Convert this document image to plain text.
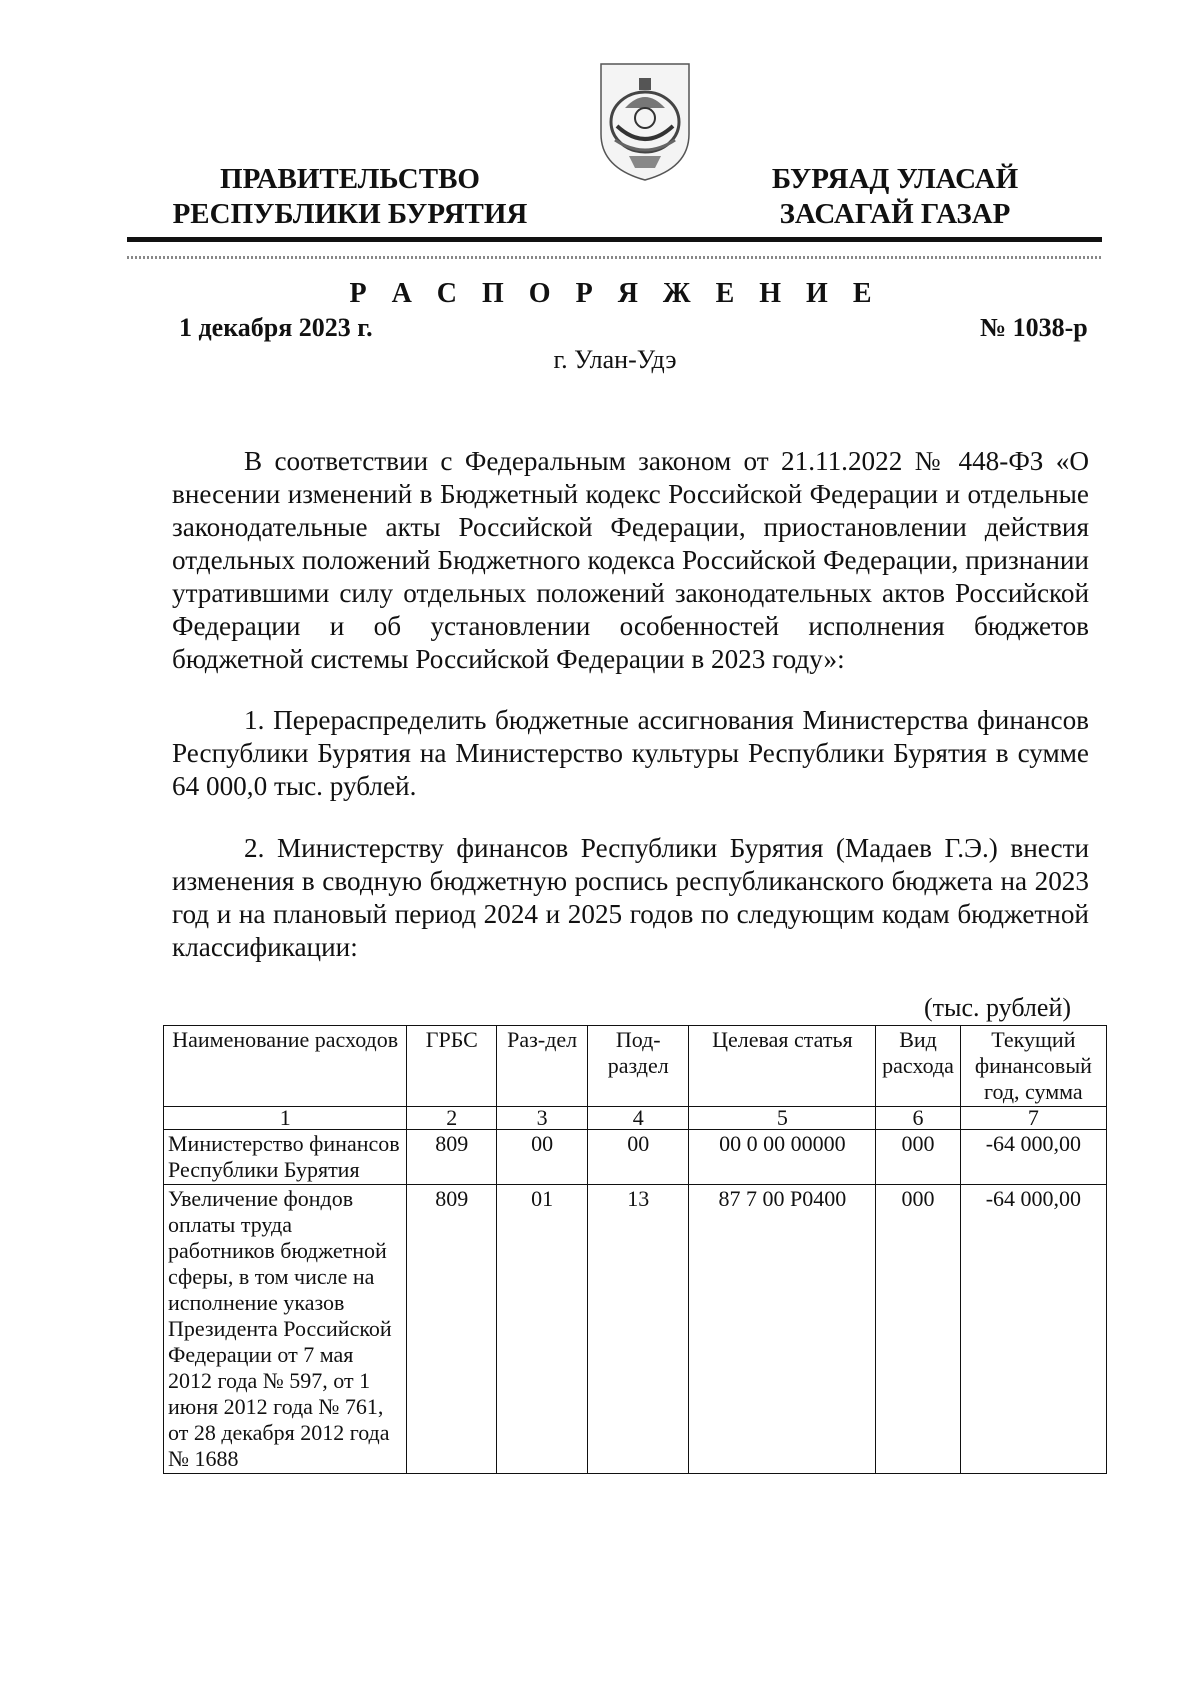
ПРАВИТЕЛЬСТВО
РЕСПУБЛИКИ БУРЯТИЯ
БУРЯАД УЛАСАЙ
ЗАСАГАЙ ГАЗАР
Р А С П О Р Я Ж Е Н И Е
1 декабря 2023 г.	№ 1038-р
г. Улан-Удэ

В соответствии с Федеральным законом от 21.11.2022 № 448-ФЗ «О внесении изменений в Бюджетный кодекс Российской Федерации и отдельные законодательные акты Российской Федерации, приостановлении действия отдельных положений Бюджетного кодекса Российской Федерации, признании утратившими силу отдельных положений законодательных актов Российской Федерации и об установлении особенностей исполнения бюджетов бюджетной системы Российской Федерации в 2023 году»:

1. Перераспределить бюджетные ассигнования Министерства финансов Республики Бурятия на Министерство культуры Республики Бурятия в сумме 64 000,0 тыс. рублей.

2. Министерству финансов Республики Бурятия (Мадаев Г.Э.) внести изменения в сводную бюджетную роспись республиканского бюджета на 2023 год и на плановый период 2024 и 2025 годов по следующим кодам бюджетной классификации:

(тыс. рублей)
Наименование расходов	ГРБС	Раз-дел	Под-раздел	Целевая статья	Вид расхода	Текущий финансовый год, сумма
1	2	3	4	5	6	7
Министерство финансов Республики Бурятия	809	00	00	00 0 00 00000	000	-64 000,00
Увеличение фондов оплаты труда работников бюджетной сферы, в том числе на исполнение указов Президента Российской Федерации от 7 мая 2012 года № 597, от 1 июня 2012 года № 761, от 28 декабря 2012 года № 1688	809	01	13	87 7 00 Р0400	000	-64 000,00
